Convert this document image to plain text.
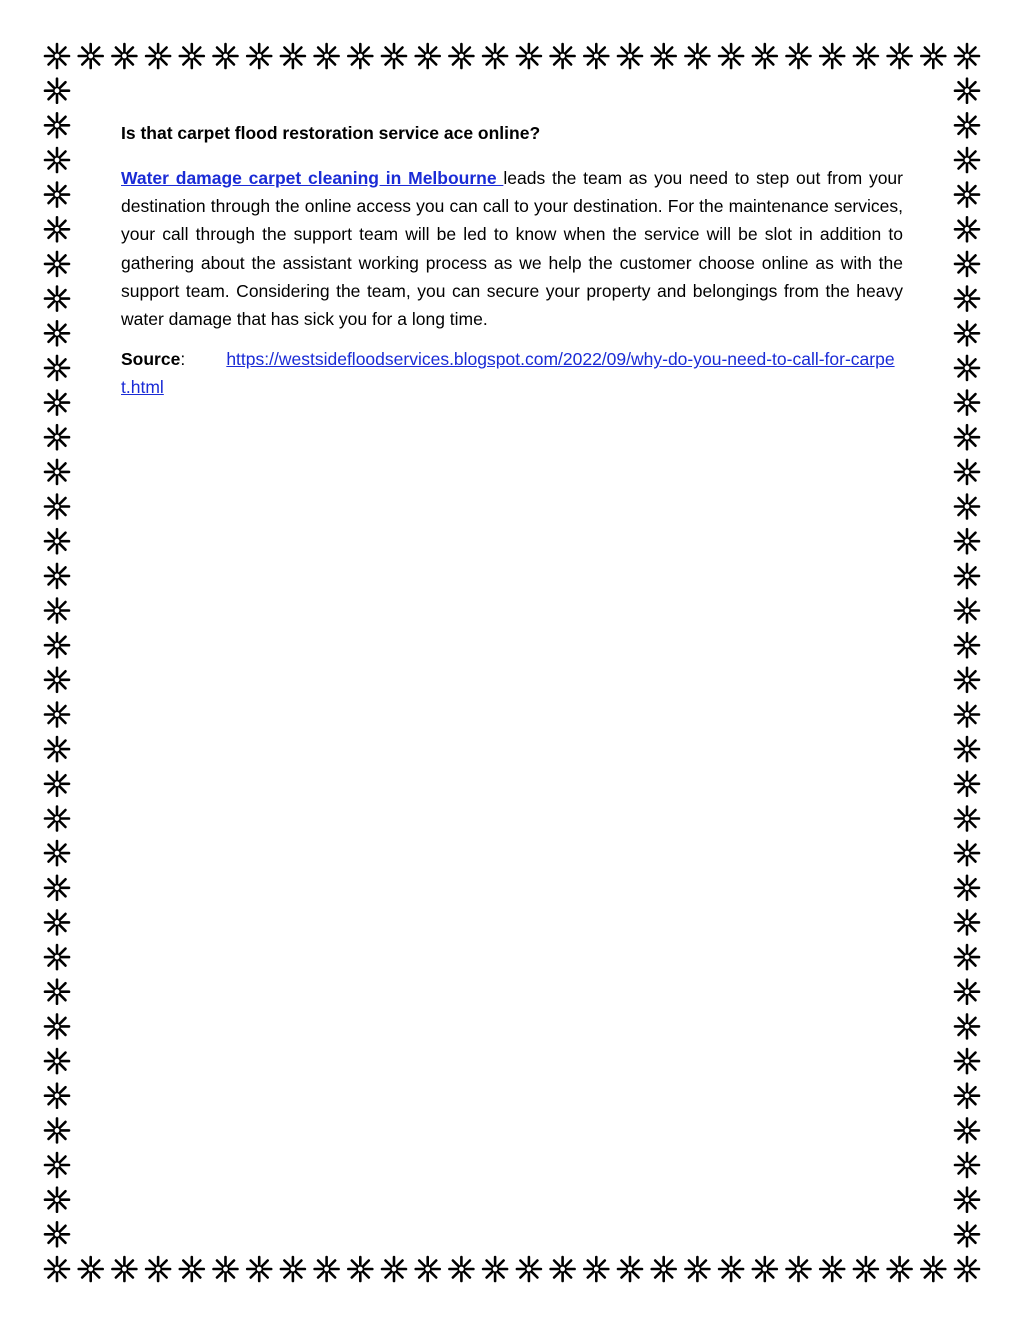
Is that carpet flood restoration service ace online?

Water damage carpet cleaning in Melbourne leads the team as you need to step out from your destination through the online access you can call to your destination. For the maintenance services, your call through the support team will be led to know when the service will be slot in addition to gathering about the assistant working process as we help the customer choose online as with the support team. Considering the team, you can secure your property and belongings from the heavy water damage that has sick you for a long time.

Source: https://westsidefloodservices.blogspot.com/2022/09/why-do-you-need-to-call-for-carpet.html
